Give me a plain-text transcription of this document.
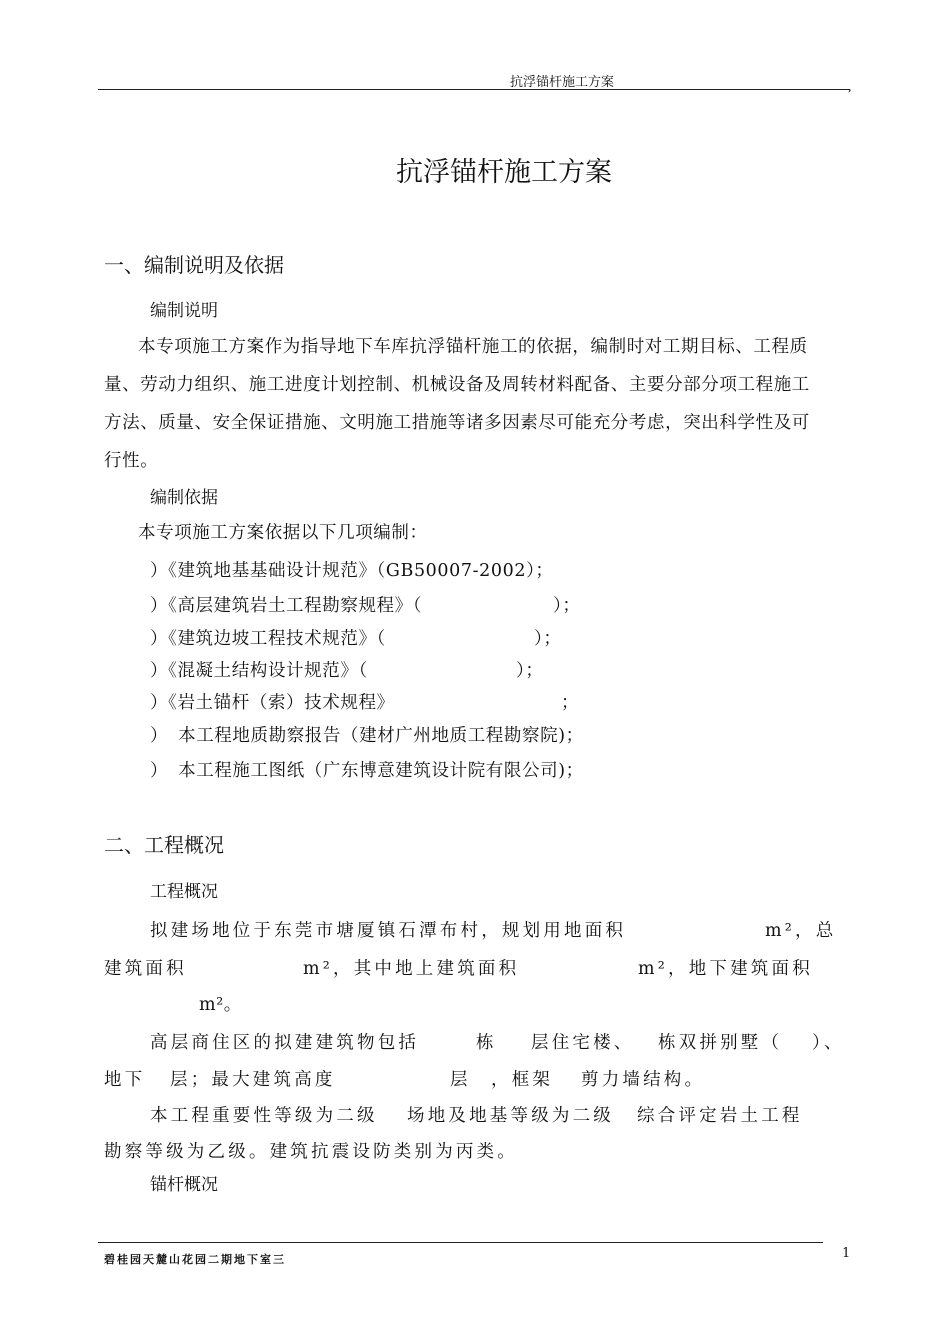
抗浮锚杆施工方案	,
抗浮锚杆施工方案
一、编制说明及依据
编制说明
本专项施工方案作为指导地下车库抗浮锚杆施工的依据，编制时对工期目标、工程质
量、劳动力组织、施工进度计划控制、机械设备及周转材料配备、主要分部分项工程施工
方法、质量、安全保证措施、文明施工措施等诸多因素尽可能充分考虑，突出科学性及可
行性。
编制依据
本专项施工方案依据以下几项编制：
）《建筑地基基础设计规范》（GB50007-2002）；
）《高层建筑岩土工程勘察规程》（	）；
）《建筑边坡工程技术规范》（	）；
）《混凝土结构设计规范》（	）；
）《岩土锚杆（索）技术规程》	；
） 本工程地质勘察报告（建材广州地质工程勘察院)；
） 本工程施工图纸（广东博意建筑设计院有限公司)；
二、工程概况
工程概况
拟建场地位于东莞市塘厦镇石潭布村，规划用地面积	m²，总
建筑面积	m²，其中地上建筑面积	m²，地下建筑面积
m²。
高层商住区的拟建建筑物包括	栋 层住宅楼、 栋双拼别墅（ ）、
地下 层；最大建筑高度	层 ，框架 剪力墙结构。
本工程重要性等级为二级 场地及地基等级为二级 综合评定岩土工程
勘察等级为乙级。建筑抗震设防类别为丙类。
锚杆概况
碧桂园天麓山花园二期地下室三	1
